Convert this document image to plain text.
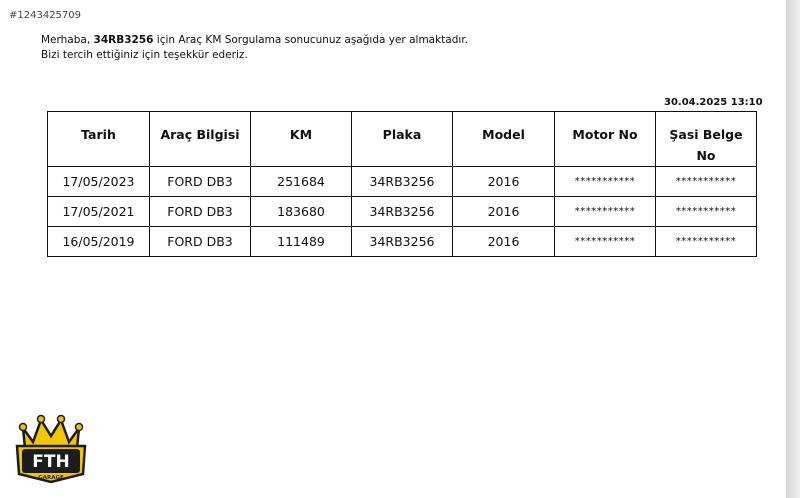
#1243425709
Merhaba, 34RB3256 için Araç KM Sorgulama sonucunuz aşağıda yer almaktadır.
Bizi tercih ettiğiniz için teşekkür ederiz.
30.04.2025 13:10
Tarih	Araç Bilgisi	KM	Plaka	Model	Motor No	Şasi Belge
No
17/05/2023	FORD DB3	251684	34RB3256	2016	***********	***********
17/05/2021	FORD DB3	183680	34RB3256	2016	***********	***********
16/05/2019	FORD DB3	111489	34RB3256	2016	***********	***********
FTH
GARAGE
